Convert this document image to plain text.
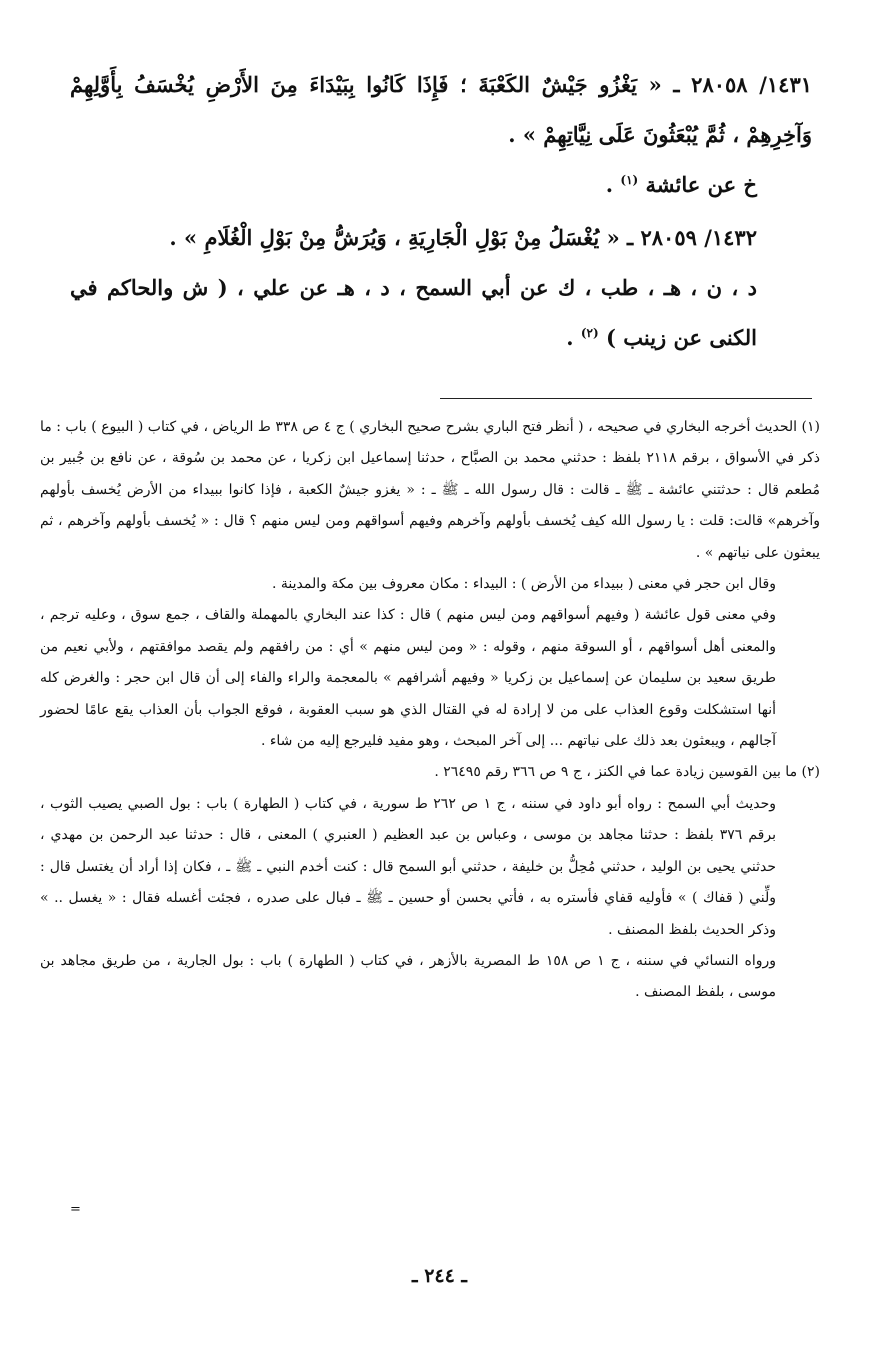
١٤٣١/ ٢٨٠٥٨ ـ « يَغْزُو جَيْشٌ الكَعْبَةَ ؛ فَإِذَا كَانُوا بِبَيْدَاءَ مِنَ الأَرْضِ يُخْسَفُ بِأَوَّلِهِمْ وَآخِرِهِمْ ، ثُمَّ يُبْعَثُونَ عَلَى نِيَّاتِهِمْ » .

خ عن عائشة $^{(١)}$ .

١٤٣٢/ ٢٨٠٥٩ ـ « يُغْسَلُ مِنْ بَوْلِ الْجَارِيَةِ ، وَيُرَشُّ مِنْ بَوْلِ الْغُلَامِ » .

د ، ن ، هـ ، طب ، ك عن أبي السمح ، د ، هـ عن علي ، ( ش والحاكم في الكنى عن زينب ) $^{(٢)}$ .

(١) الحديث أخرجه البخاري في صحيحه ، ( أنظر فتح الباري بشرح صحيح البخاري ) ج ٤ ص ٣٣٨ ط الرياض ، في كتاب ( البيوع ) باب : ما ذكر في الأسواق ، برقم ٢١١٨ بلفظ : حدثني محمد بن الصبَّاح ، حدثنا إسماعيل ابن زكريا ، عن محمد بن سُوقة ، عن نافع بن جُبير بن مُطعم قال : حدثتني عائشة ـ ﷺ ـ قالت : قال رسول الله ـ ﷺ ـ : « يغزو جيشٌ الكعبة ، فإذا كانوا ببيداء من الأرض يُخسف بأولهم وآخرهم» قالت: قلت : يا رسول الله كيف يُخسف بأولهم وآخرهم وفيهم أسواقهم ومن ليس منهم ؟ قال : « يُخسف بأولهم وآخرهم ، ثم يبعثون على نياتهم » .

وقال ابن حجر في معنى ( ببيداء من الأرض ) : البيداء : مكان معروف بين مكة والمدينة .

وفي معنى قول عائشة ( وفيهم أسواقهم ومن ليس منهم ) قال : كذا عند البخاري بالمهملة والقاف ، جمع سوق ، وعليه ترجم ، والمعنى أهل أسواقهم ، أو السوقة منهم ، وقوله : « ومن ليس منهم » أي : من رافقهم ولم يقصد موافقتهم ، ولأبي نعيم من طريق سعيد بن سليمان عن إسماعيل بن زكريا « وفيهم أشرافهم » بالمعجمة والراء والفاء إلى أن قال ابن حجر : والغرض كله أنها استشكلت وقوع العذاب على من لا إرادة له في القتال الذي هو سبب العقوبة ، فوقع الجواب بأن العذاب يقع عامًا لحضور آجالهم ، ويبعثون بعد ذلك على نياتهم ... إلى آخر المبحث ، وهو مفيد فليرجع إليه من شاء .

(٢) ما بين القوسين زيادة عما في الكنز ، ج ٩ ص ٣٦٦ رقم ٢٦٤٩٥ .

وحديث أبي السمح : رواه أبو داود في سننه ، ج ١ ص ٢٦٢ ط سورية ، في كتاب ( الطهارة ) باب : بول الصبي يصيب الثوب ، برقم ٣٧٦ بلفظ : حدثنا مجاهد بن موسى ، وعباس بن عبد العظيم ( العنبري ) المعنى ، قال : حدثنا عبد الرحمن بن مهدي ، حدثني يحيى بن الوليد ، حدثني مُحِلُّ بن خليفة ، حدثني أبو السمح قال : كنت أخدم النبي ـ ﷺ ـ ، فكان إذا أراد أن يغتسل قال : ولِّني ( قفاك ) » فأوليه قفاي فأستره به ، فأتي بحسن أو حسين ـ ﷺ ـ فبال على صدره ، فجئت أغسله فقال : « يغسل .. » وذكر الحديث بلفظ المصنف .

ورواه النسائي في سننه ، ج ١ ص ١٥٨ ط المصرية بالأزهر ، في كتاب ( الطهارة ) باب : بول الجارية ، من طريق مجاهد بن موسى ، بلفظ المصنف .

=
ـ ٢٤٤ ـ
